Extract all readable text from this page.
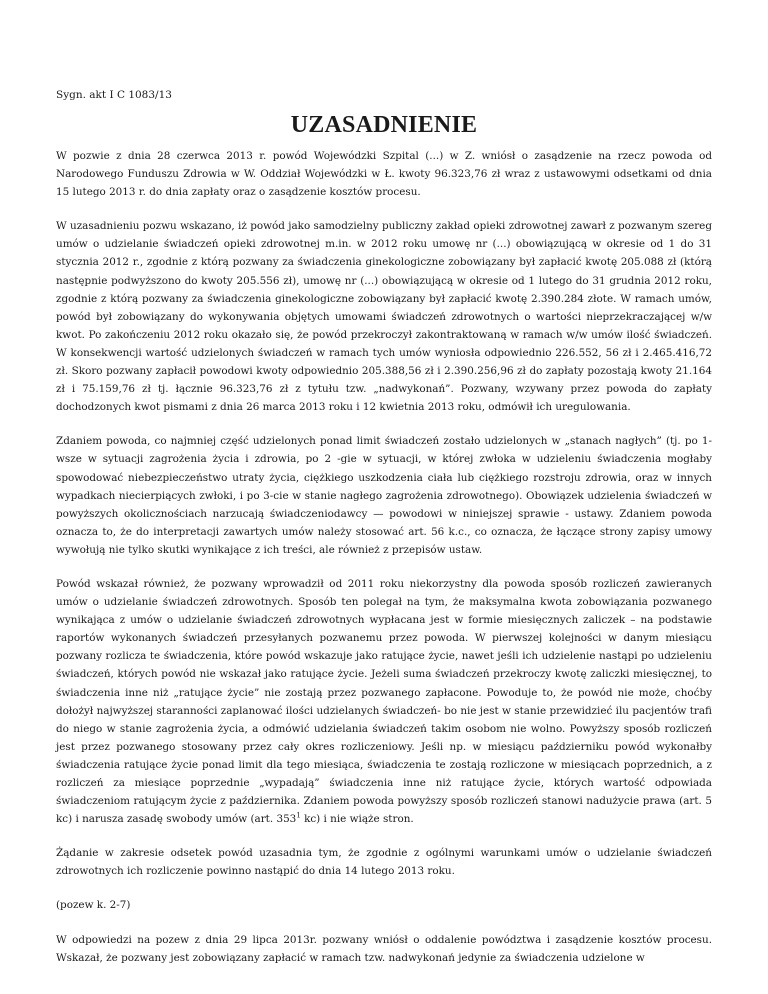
Sygn. akt I C 1083/13

UZASADNIENIE

W pozwie z dnia 28 czerwca 2013 r. powód Wojewódzki Szpital (...) w Z. wniósł o zasądzenie na rzecz powoda od Narodowego Funduszu Zdrowia w W. Oddział Wojewódzki w Ł. kwoty 96.323,76 zł wraz z ustawowymi odsetkami od dnia 15 lutego 2013 r. do dnia zapłaty oraz o zasądzenie kosztów procesu.

W uzasadnieniu pozwu wskazano, iż powód jako samodzielny publiczny zakład opieki zdrowotnej zawarł z pozwanym szereg umów o udzielanie świadczeń opieki zdrowotnej m.in. w 2012 roku umowę nr (...) obowiązującą w okresie od 1 do 31 stycznia 2012 r., zgodnie z którą pozwany za świadczenia ginekologiczne zobowiązany był zapłacić kwotę 205.088 zł (którą następnie podwyższono do kwoty 205.556 zł), umowę nr (...) obowiązującą w okresie od 1 lutego do 31 grudnia 2012 roku, zgodnie z którą pozwany za świadczenia ginekologiczne zobowiązany był zapłacić kwotę 2.390.284 złote. W ramach umów, powód był zobowiązany do wykonywania objętych umowami świadczeń zdrowotnych o wartości nieprzekraczającej w/w kwot. Po zakończeniu 2012 roku okazało się, że powód przekroczył zakontraktowaną w ramach w/w umów ilość świadczeń. W konsekwencji wartość udzielonych świadczeń w ramach tych umów wyniosła odpowiednio 226.552, 56 zł i 2.465.416,72 zł. Skoro pozwany zapłacił powodowi kwoty odpowiednio 205.388,56 zł i 2.390.256,96 zł do zapłaty pozostają kwoty 21.164 zł i 75.159,76 zł tj. łącznie 96.323,76 zł z tytułu tzw. „nadwykonań”. Pozwany, wzywany przez powoda do zapłaty dochodzonych kwot pismami z dnia 26 marca 2013 roku i 12 kwietnia 2013 roku, odmówił ich uregulowania.

Zdaniem powoda, co najmniej część udzielonych ponad limit świadczeń zostało udzielonych w „stanach nagłych” (tj. po 1- wsze w sytuacji zagrożenia życia i zdrowia, po 2 -gie w sytuacji, w której zwłoka w udzieleniu świadczenia mogłaby spowodować niebezpieczeństwo utraty życia, ciężkiego uszkodzenia ciała lub ciężkiego rozstroju zdrowia, oraz w innych wypadkach niecierpiących zwłoki, i po 3-cie w stanie nagłego zagrożenia zdrowotnego). Obowiązek udzielenia świadczeń w powyższych okolicznościach narzucają świadczeniodawcy — powodowi w niniejszej sprawie - ustawy. Zdaniem powoda oznacza to, że do interpretacji zawartych umów należy stosować art. 56 k.c., co oznacza, że łączące strony zapisy umowy wywołują nie tylko skutki wynikające z ich treści, ale również z przepisów ustaw.

Powód wskazał również, że pozwany wprowadził od 2011 roku niekorzystny dla powoda sposób rozliczeń zawieranych umów o udzielanie świadczeń zdrowotnych. Sposób ten polegał na tym, że maksymalna kwota zobowiązania pozwanego wynikająca z umów o udzielanie świadczeń zdrowotnych wypłacana jest w formie miesięcznych zaliczek – na podstawie raportów wykonanych świadczeń przesyłanych pozwanemu przez powoda. W pierwszej kolejności w danym miesiącu pozwany rozlicza te świadczenia, które powód wskazuje jako ratujące życie, nawet jeśli ich udzielenie nastąpi po udzieleniu świadczeń, których powód nie wskazał jako ratujące życie. Jeżeli suma świadczeń przekroczy kwotę zaliczki miesięcznej, to świadczenia inne niż „ratujące życie” nie zostają przez pozwanego zapłacone. Powoduje to, że powód nie może, choćby dołożył najwyższej staranności zaplanować ilości udzielanych świadczeń- bo nie jest w stanie przewidzieć ilu pacjentów trafi do niego w stanie zagrożenia życia, a odmówić udzielania świadczeń takim osobom nie wolno. Powyższy sposób rozliczeń jest przez pozwanego stosowany przez cały okres rozliczeniowy. Jeśli np. w miesiącu październiku powód wykonałby świadczenia ratujące życie ponad limit dla tego miesiąca, świadczenia te zostają rozliczone w miesiącach poprzednich, a z rozliczeń za miesiące poprzednie „wypadają” świadczenia inne niż ratujące życie, których wartość odpowiada świadczeniom ratującym życie z października. Zdaniem powoda powyższy sposób rozliczeń stanowi nadużycie prawa (art. 5 kc) i narusza zasadę swobody umów (art. $353^1$ kc) i nie wiąże stron.

Żądanie w zakresie odsetek powód uzasadnia tym, że zgodnie z ogólnymi warunkami umów o udzielanie świadczeń zdrowotnych ich rozliczenie powinno nastąpić do dnia 14 lutego 2013 roku.

(pozew k. 2-7)

W odpowiedzi na pozew z dnia 29 lipca 2013r. pozwany wniósł o oddalenie powództwa i zasądzenie kosztów procesu. Wskazał, że pozwany jest zobowiązany zapłacić w ramach tzw. nadwykonań jedynie za świadczenia udzielone w
